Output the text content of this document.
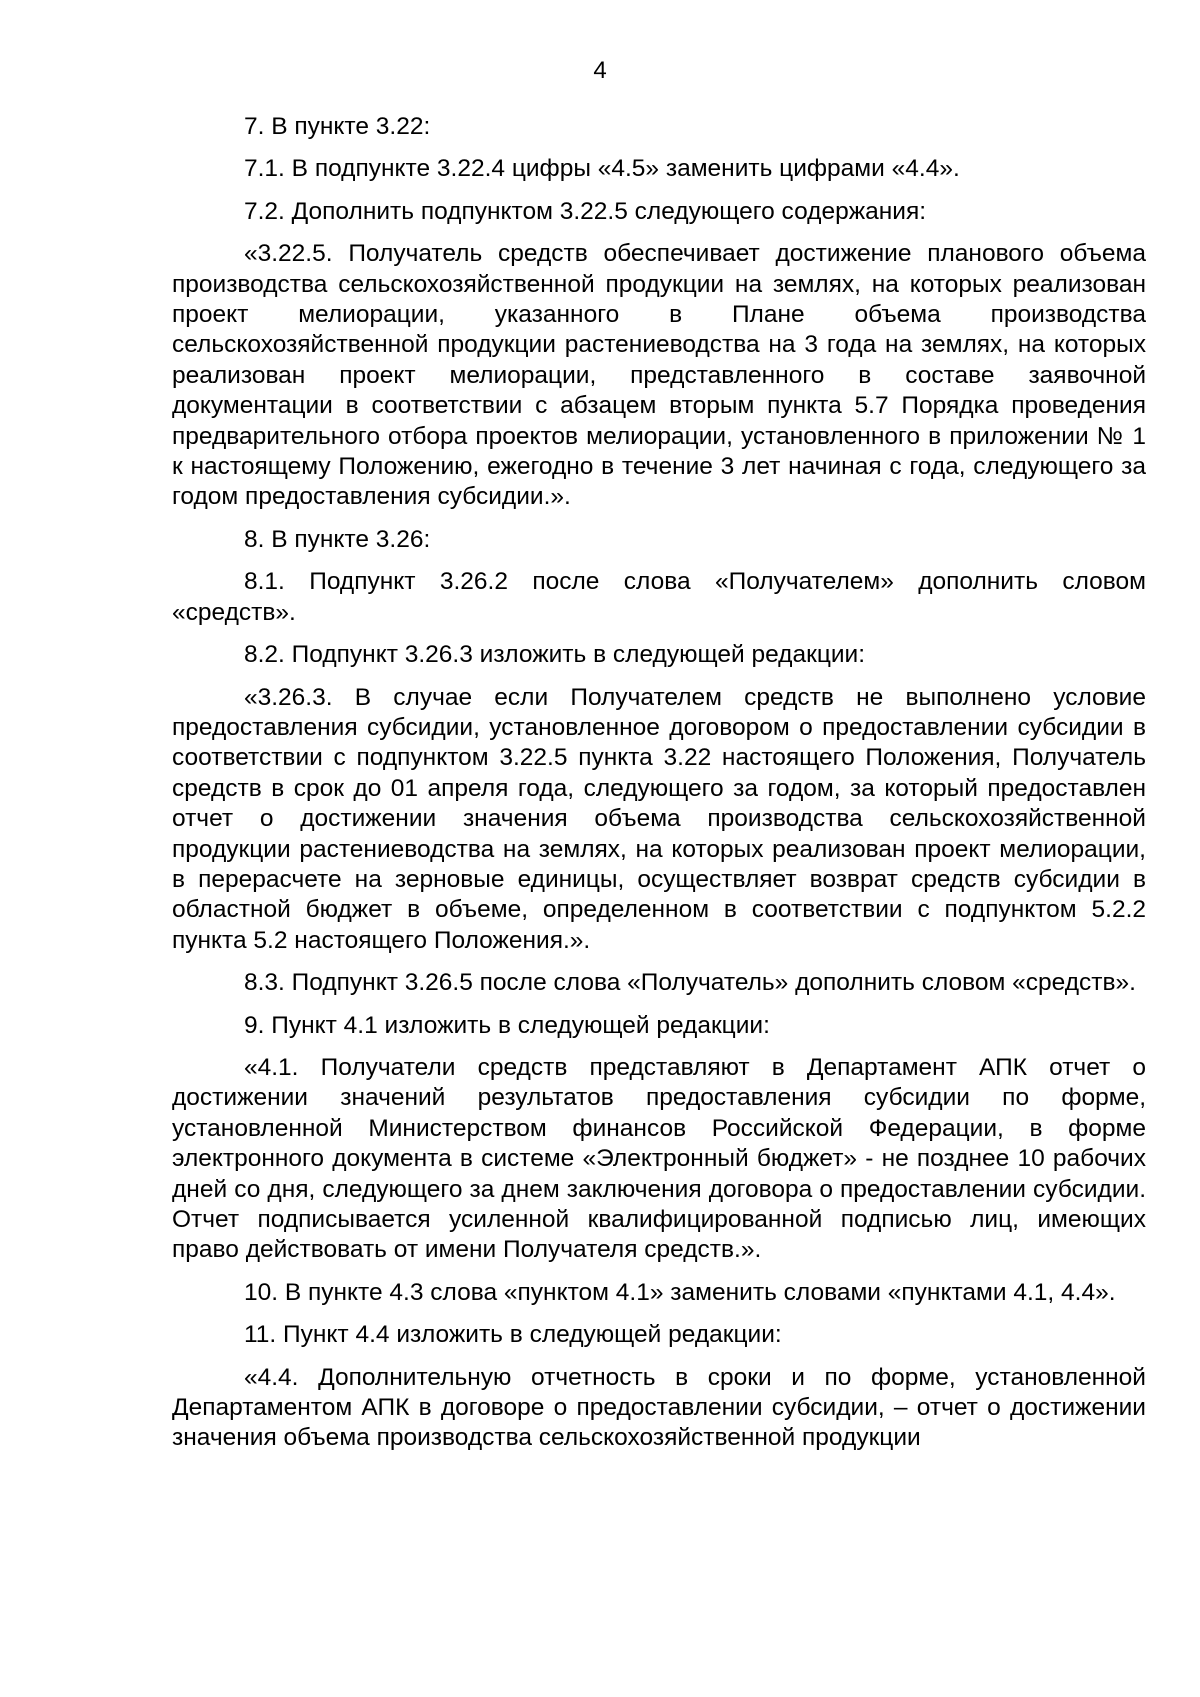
4

7. В пункте 3.22:

7.1. В подпункте 3.22.4 цифры «4.5» заменить цифрами «4.4».

7.2. Дополнить подпунктом 3.22.5 следующего содержания:

«3.22.5. Получатель средств обеспечивает достижение планового объема производства сельскохозяйственной продукции на землях, на которых реализован проект мелиорации, указанного в Плане объема производства сельскохозяйственной продукции растениеводства на 3 года на землях, на которых реализован проект мелиорации, представленного в составе заявочной документации в соответствии с абзацем вторым пункта 5.7 Порядка проведения предварительного отбора проектов мелиорации, установленного в приложении № 1 к настоящему Положению, ежегодно в течение 3 лет начиная с года, следующего за годом предоставления субсидии.».

8. В пункте 3.26:

8.1. Подпункт 3.26.2 после слова «Получателем» дополнить словом «средств».

8.2. Подпункт 3.26.3 изложить в следующей редакции:

«3.26.3. В случае если Получателем средств не выполнено условие предоставления субсидии, установленное договором о предоставлении субсидии в соответствии с подпунктом 3.22.5 пункта 3.22 настоящего Положения, Получатель средств в срок до 01 апреля года, следующего за годом, за который предоставлен отчет о достижении значения объема производства сельскохозяйственной продукции растениеводства на землях, на которых реализован проект мелиорации, в перерасчете на зерновые единицы, осуществляет возврат средств субсидии в областной бюджет в объеме, определенном в соответствии с подпунктом 5.2.2 пункта 5.2 настоящего Положения.».

8.3. Подпункт 3.26.5 после слова «Получатель» дополнить словом «средств».

9. Пункт 4.1 изложить в следующей редакции:

«4.1. Получатели средств представляют в Департамент АПК отчет о достижении значений результатов предоставления субсидии по форме, установленной Министерством финансов Российской Федерации, в форме электронного документа в системе «Электронный бюджет» - не позднее 10 рабочих дней со дня, следующего за днем заключения договора о предоставлении субсидии. Отчет подписывается усиленной квалифицированной подписью лиц, имеющих право действовать от имени Получателя средств.».

10. В пункте 4.3 слова «пунктом 4.1» заменить словами «пунктами 4.1, 4.4».

11. Пункт 4.4 изложить в следующей редакции:

«4.4. Дополнительную отчетность в сроки и по форме, установленной Департаментом АПК в договоре о предоставлении субсидии, – отчет о достижении значения объема производства сельскохозяйственной продукции
